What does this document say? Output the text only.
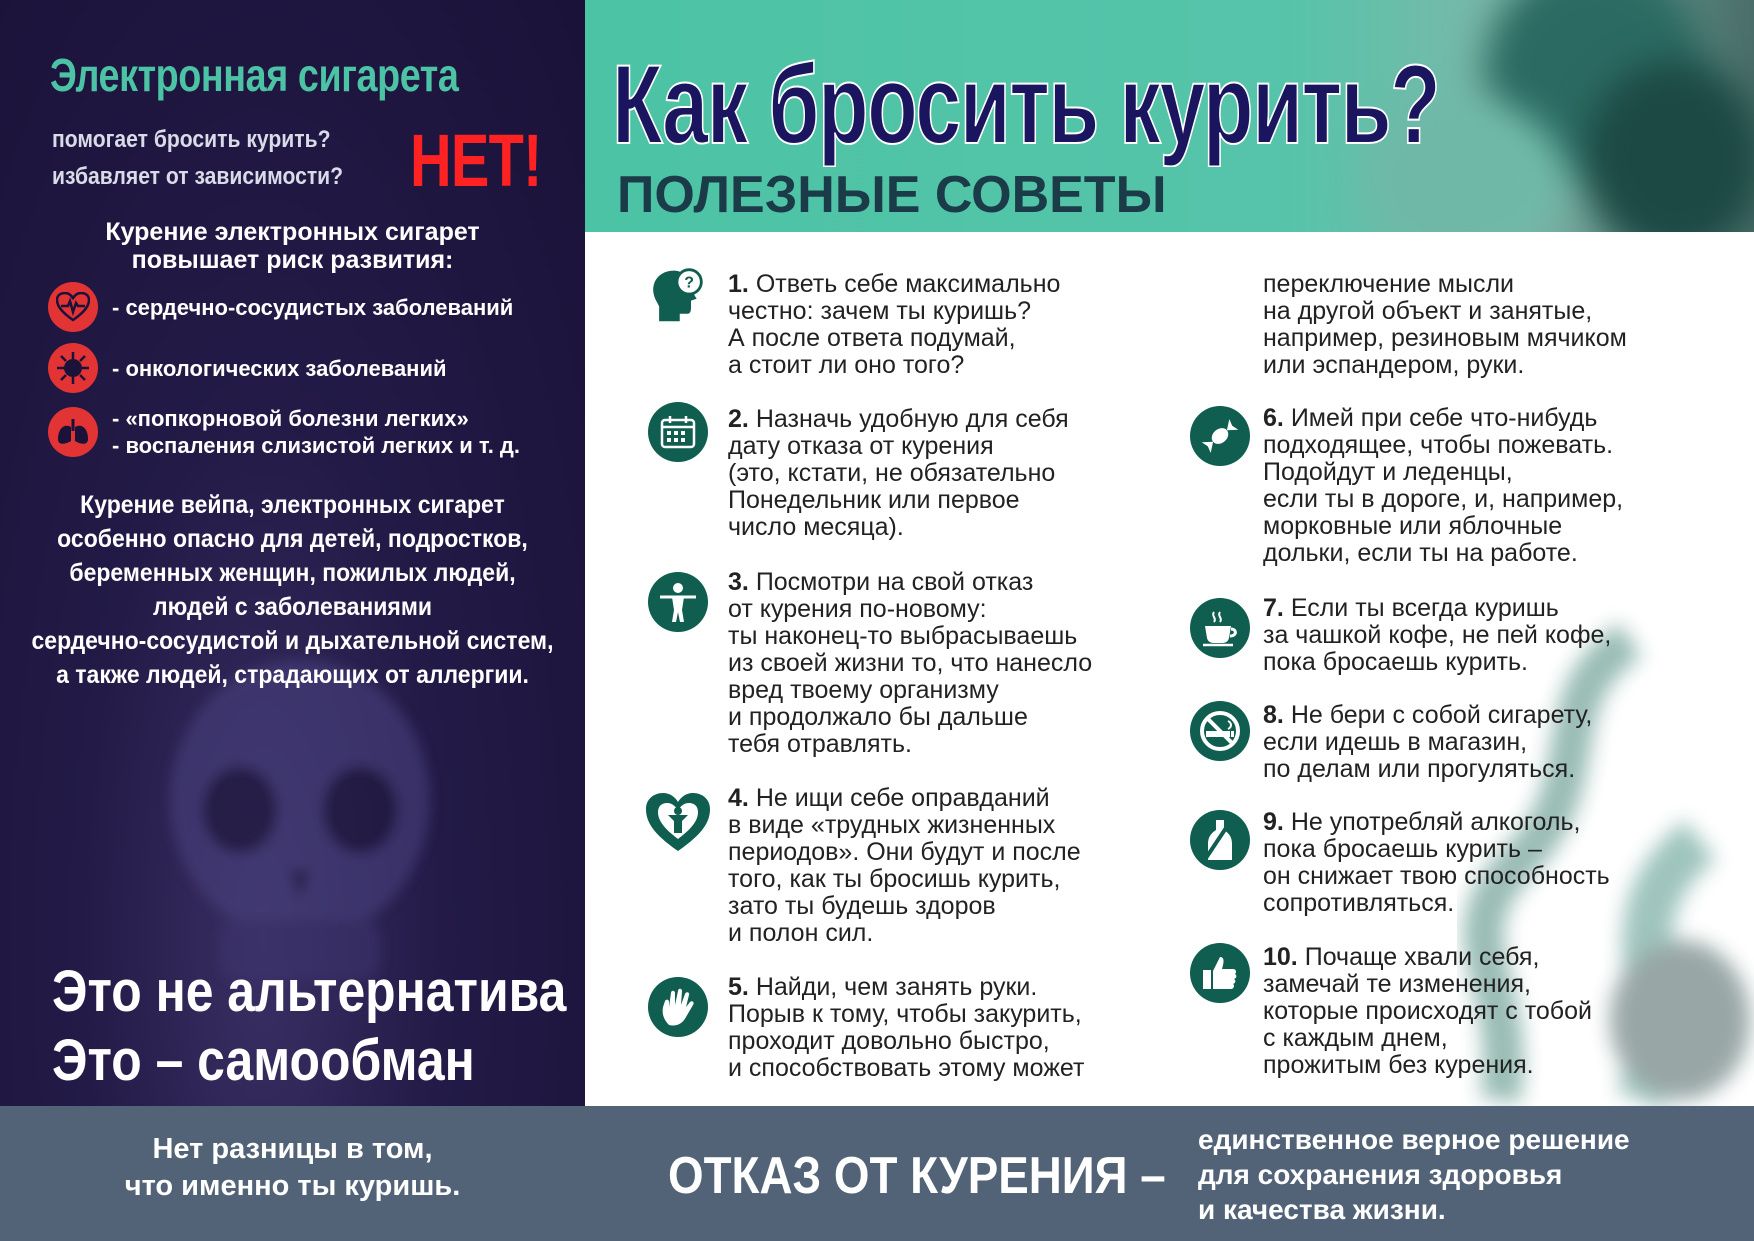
Электронная сигарета
помогает бросить курить?
избавляет от зависимости? НЕТ!
Курение электронных сигарет
повышает риск развития:
- сердечно-сосудистых заболеваний
- онкологических заболеваний
- «попкорновой болезни легких»
- воспаления слизистой легких и т. д.
Курение вейпа, электронных сигарет
особенно опасно для детей, подростков,
беременных женщин, пожилых людей,
людей с заболеваниями
сердечно-сосудистой и дыхательной систем,
а также людей, страдающих от аллергии.
Это не альтернатива
Это – самообман
Как бросить курить?
ПОЛЕЗНЫЕ СОВЕТЫ
? 1. Ответь себе максимально
честно: зачем ты куришь?
А после ответа подумай,
а стоит ли оно того?
2. Назначь удобную для себя
дату отказа от курения
(это, кстати, не обязательно
Понедельник или первое
число месяца).
3. Посмотри на свой отказ
от курения по-новому:
ты наконец-то выбрасываешь
из своей жизни то, что нанесло
вред твоему организму
и продолжало бы дальше
тебя отравлять.
4. Не ищи себе оправданий
в виде «трудных жизненных
периодов». Они будут и после
того, как ты бросишь курить,
зато ты будешь здоров
и полон сил.
5. Найди, чем занять руки.
Порыв к тому, чтобы закурить,
проходит довольно быстро,
и способствовать этому может
переключение мысли
на другой объект и занятые,
например, резиновым мячиком
или эспандером, руки.
6. Имей при себе что-нибудь
подходящее, чтобы пожевать.
Подойдут и леденцы,
если ты в дороге, и, например,
морковные или яблочные
дольки, если ты на работе.
7. Если ты всегда куришь
за чашкой кофе, не пей кофе,
пока бросаешь курить.
8. Не бери с собой сигарету,
если идешь в магазин,
по делам или прогуляться.
9. Не употребляй алкоголь,
пока бросаешь курить –
он снижает твою способность
сопротивляться.
10. Почаще хвали себя,
замечай те изменения,
которые происходят с тобой
с каждым днем,
прожитым без курения.
Нет разницы в том,
что именно ты куришь.	ОТКАЗ ОТ КУРЕНИЯ –
единственное верное решение
для сохранения здоровья
и качества жизни.
